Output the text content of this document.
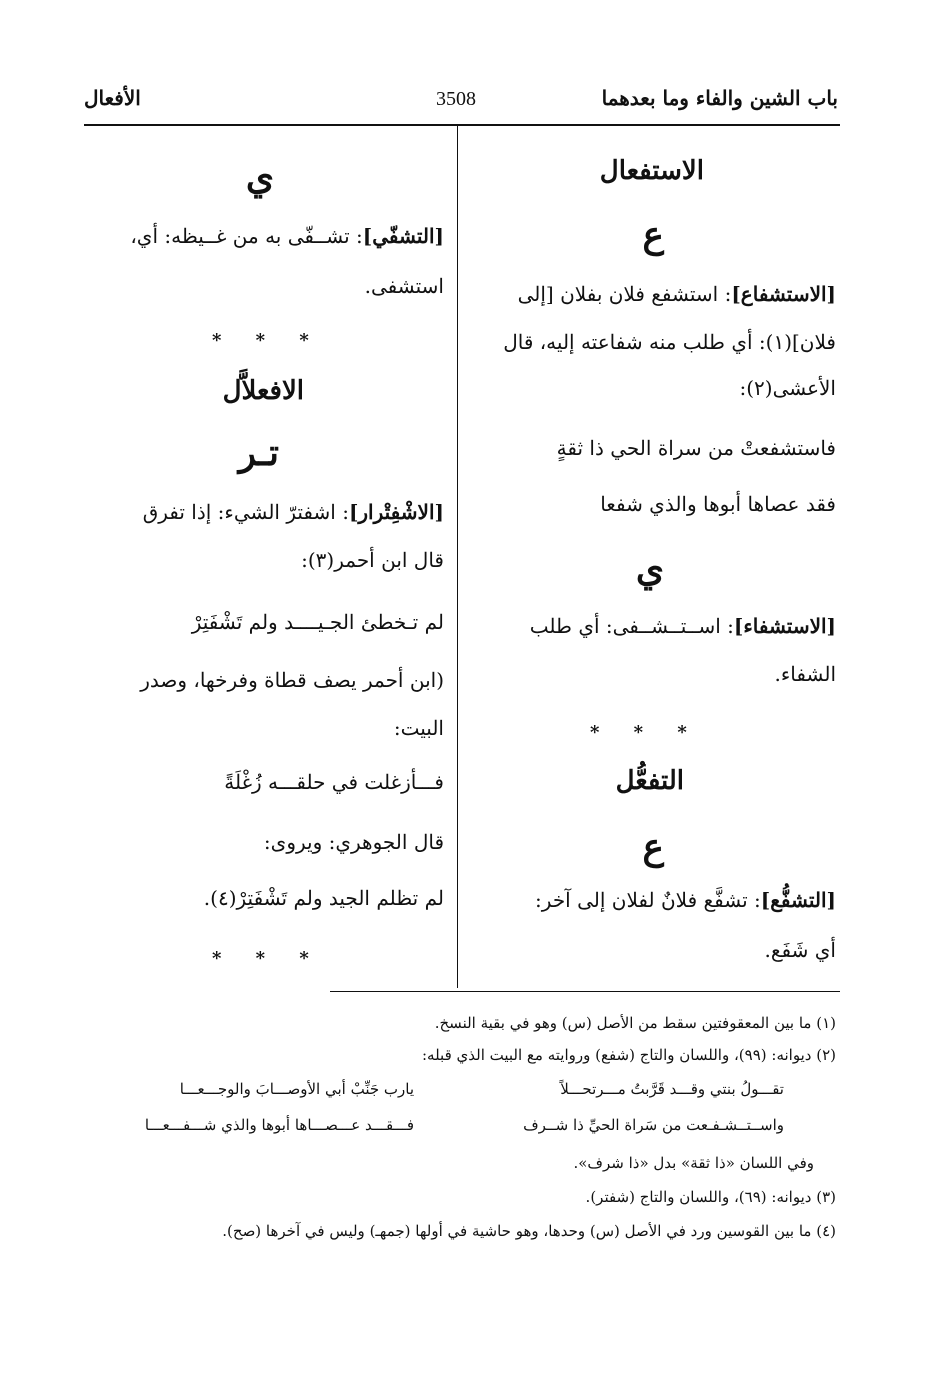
باب الشين والفاء وما بعدهما
3508
الأفعال
الاستفعال
ع
[الاستشفاع]: استشفع فلان بفلان [إلى
فلان](١): أي طلب منه شفاعته إليه، قال
الأعشى(٢):
فاستشفعتْ من سراة الحي ذا ثقةٍ
فقد عصاها أبوها والذي شفعا
ي
[الاستشفاء]: اســتــشــفى: أي طلب
الشفاء.
* * *
التفعُّل
ع
[التشفُّع]: تشفَّع فلانٌ لفلان إلى آخر:
أي شَفَع.
ي
[التشفّي]: تشــفّى به من غــيظه: أي،
استشفى.
* * *
الافعلاَّل
تـر
[الاشْفِتْرار]: اشفترّ الشيء: إذا تفرق
قال ابن أحمر(٣):
لم تـخطئ الجـيــــد ولم تَشْفَتِرْ
(ابن أحمر يصف قطاة وفرخها، وصدر
البيت:
فـــأزغلت في حلقـــه زُغْلَةً
قال الجوهري: ويروى:
لم تظلم الجيد ولم تَشْفَتِرْ(٤).
* * *
(١) ما بين المعقوفتين سقط من الأصل (س) وهو في بقية النسخ.
(٢) ديوانه: (٩٩)، واللسان والتاج (شفع) وروايته مع البيت الذي قبله:
تقـــولُ بنتي وقـــد قَرَّبتُ مـــرتحـــلاً
يارب جَنِّبْ أبي الأوصـــابَ والوجـــعـــا
واســتــشـفـعت من سَراة الحيِّ ذا شــرف
فـــقـــد عـــصـــاها أبوها والذي شـــفـــعـــا
وفي اللسان «ذا ثقة» بدل «ذا شرف».
(٣) ديوانه: (٦٩)، واللسان والتاج (شفتر).
(٤) ما بين القوسين ورد في الأصل (س) وحدها، وهو حاشية في أولها (جمهـ) وليس في آخرها (صح).
